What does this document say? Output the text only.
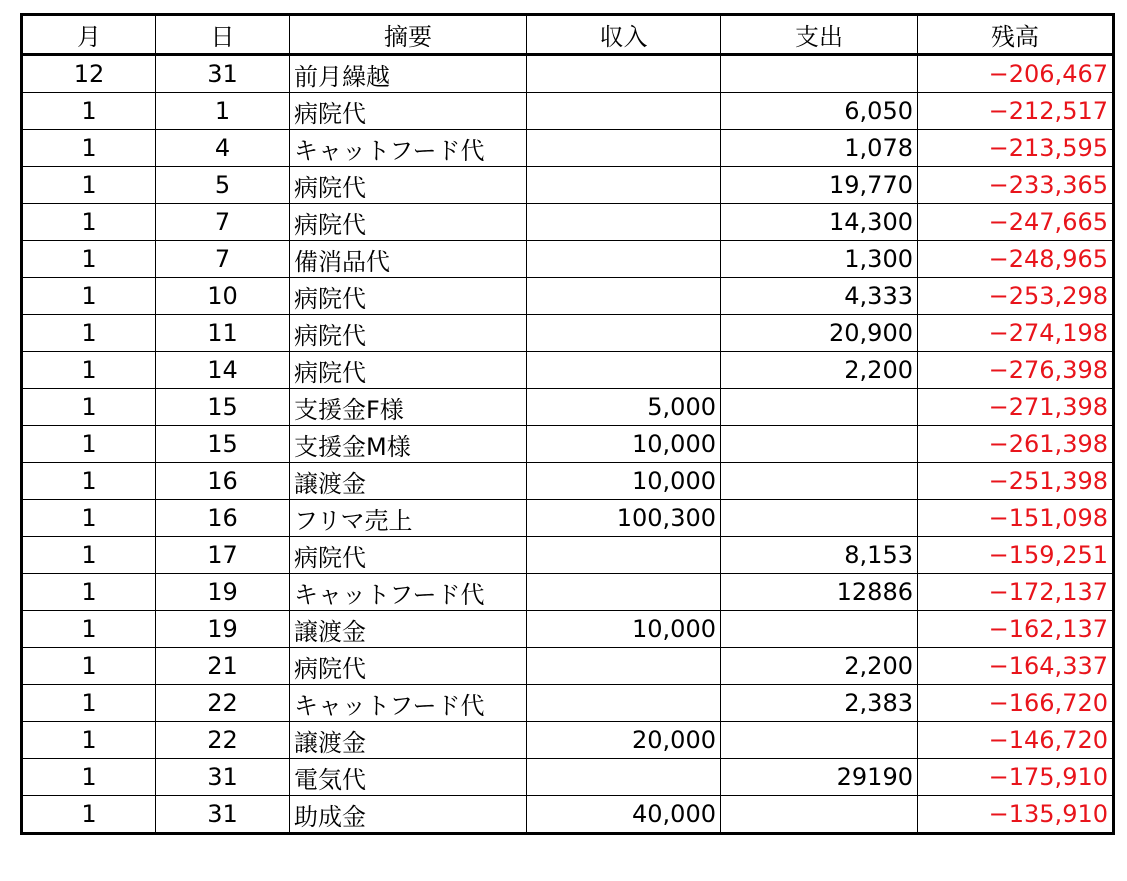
月	日	摘要	収入	支出	残高
12	31	前月繰越			−206,467
1	1	病院代		6,050	−212,517
1	4	キャットフード代		1,078	−213,595
1	5	病院代		19,770	−233,365
1	7	病院代		14,300	−247,665
1	7	備消品代		1,300	−248,965
1	10	病院代		4,333	−253,298
1	11	病院代		20,900	−274,198
1	14	病院代		2,200	−276,398
1	15	支援金F様	5,000		−271,398
1	15	支援金M様	10,000		−261,398
1	16	譲渡金	10,000		−251,398
1	16	フリマ売上	100,300		−151,098
1	17	病院代		8,153	−159,251
1	19	キャットフード代		12886	−172,137
1	19	譲渡金	10,000		−162,137
1	21	病院代		2,200	−164,337
1	22	キャットフード代		2,383	−166,720
1	22	譲渡金	20,000		−146,720
1	31	電気代		29190	−175,910
1	31	助成金	40,000		−135,910
